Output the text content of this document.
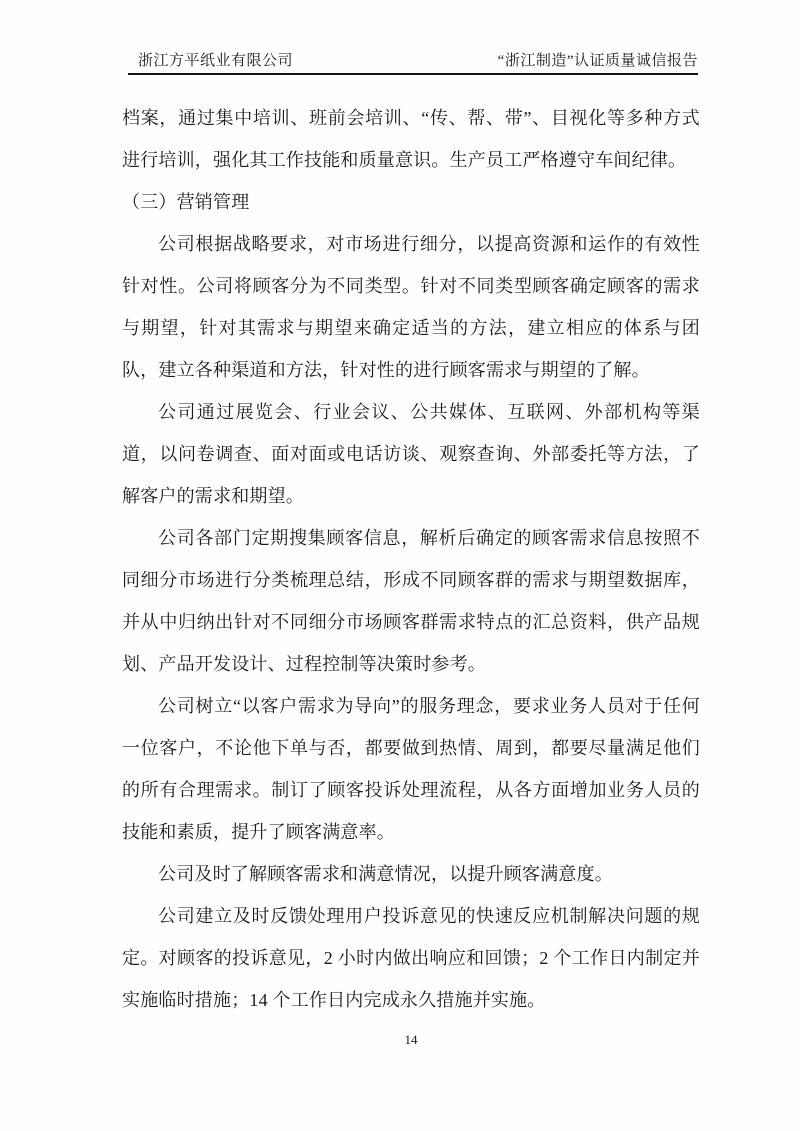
浙江方平纸业有限公司	“浙江制造”认证质量诚信报告

档案，通过集中培训、班前会培训、“传、帮、带”、目视化等多种方式进行培训，强化其工作技能和质量意识。生产员工严格遵守车间纪律。

（三）营销管理

公司根据战略要求，对市场进行细分，以提高资源和运作的有效性针对性。公司将顾客分为不同类型。针对不同类型顾客确定顾客的需求与期望，针对其需求与期望来确定适当的方法，建立相应的体系与团队，建立各种渠道和方法，针对性的进行顾客需求与期望的了解。

公司通过展览会、行业会议、公共媒体、互联网、外部机构等渠道，以问卷调查、面对面或电话访谈、观察查询、外部委托等方法，了解客户的需求和期望。

公司各部门定期搜集顾客信息，解析后确定的顾客需求信息按照不同细分市场进行分类梳理总结，形成不同顾客群的需求与期望数据库，并从中归纳出针对不同细分市场顾客群需求特点的汇总资料，供产品规划、产品开发设计、过程控制等决策时参考。

公司树立“以客户需求为导向”的服务理念，要求业务人员对于任何一位客户，不论他下单与否，都要做到热情、周到，都要尽量满足他们的所有合理需求。制订了顾客投诉处理流程，从各方面增加业务人员的技能和素质，提升了顾客满意率。

公司及时了解顾客需求和满意情况，以提升顾客满意度。

公司建立及时反馈处理用户投诉意见的快速反应机制解决问题的规定。对顾客的投诉意见，2 小时内做出响应和回馈；2 个工作日内制定并实施临时措施；14 个工作日内完成永久措施并实施。

14
